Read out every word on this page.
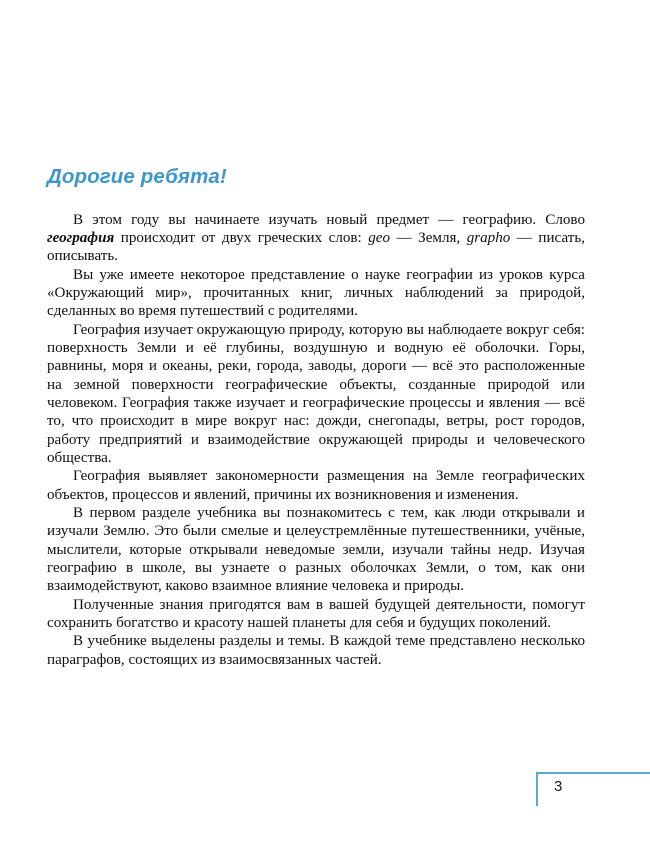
Дорогие ребята!

В этом году вы начинаете изучать новый предмет — географию. Слово география происходит от двух греческих слов: geo — Земля, grapho — писать, описывать.

Вы уже имеете некоторое представление о науке географии из уроков курса «Окружающий мир», прочитанных книг, личных наблюдений за природой, сделанных во время путешествий с родителями.

География изучает окружающую природу, которую вы наблюдаете вокруг себя: поверхность Земли и её глубины, воздушную и водную её оболочки. Горы, равнины, моря и океаны, реки, города, заводы, дороги — всё это расположенные на земной поверхности географические объекты, созданные природой или человеком. География также изучает и географические процессы и явления — всё то, что происходит в мире вокруг нас: дожди, снегопады, ветры, рост городов, работу предприятий и взаимодействие окружающей природы и человеческого общества.

География выявляет закономерности размещения на Земле географических объектов, процессов и явлений, причины их возникновения и изменения.

В первом разделе учебника вы познакомитесь с тем, как люди открывали и изучали Землю. Это были смелые и целеустремлённые путешественники, учёные, мыслители, которые открывали неведомые земли, изучали тайны недр. Изучая географию в школе, вы узнаете о разных оболочках Земли, о том, как они взаимодействуют, каково взаимное влияние человека и природы.

Полученные знания пригодятся вам в вашей будущей деятельности, помогут сохранить богатство и красоту нашей планеты для себя и будущих поколений.

В учебнике выделены разделы и темы. В каждой теме представлено несколько параграфов, состоящих из взаимосвязанных частей.

3
